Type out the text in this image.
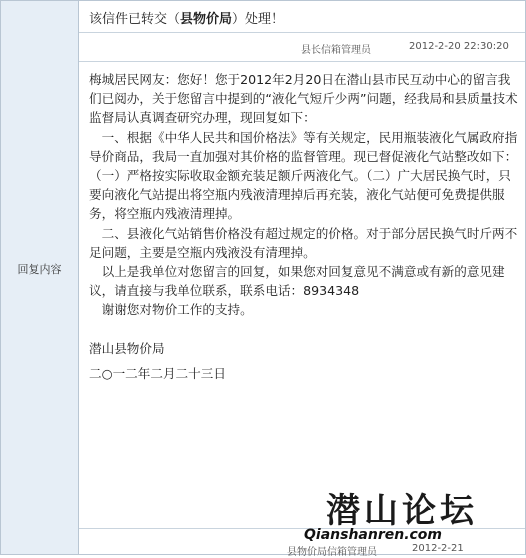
回复内容
该信件已转交（县物价局）处理！
县长信箱管理员	2012-2-20 22:30:20

梅城居民网友：您好！您于2012年2月20日在潜山县市民互动中心的留言我们已阅办，关于您留言中提到的“液化气短斤少两”问题，经我局和县质量技术监督局认真调查研究办理，现回复如下：

一、根据《中华人民共和国价格法》等有关规定，民用瓶装液化气属政府指导价商品，我局一直加强对其价格的监督管理。现已督促液化气站整改如下：（一）严格按实际收取金额充装足额斤两液化气。（二）广大居民换气时，只要向液化气站提出将空瓶内残液清理掉后再充装，液化气站便可免费提供服务，将空瓶内残液清理掉。

二、县液化气站销售价格没有超过规定的价格。对于部分居民换气时斤两不足问题，主要是空瓶内残液没有清理掉。

以上是我单位对您留言的回复，如果您对回复意见不满意或有新的意见建议，请直接与我单位联系，联系电话：8934348

谢谢您对物价工作的支持。

潜山县物价局

二○一二年二月二十三日

县物价局信箱管理员	2012-2-21
潜山论坛
Qianshanren.com
